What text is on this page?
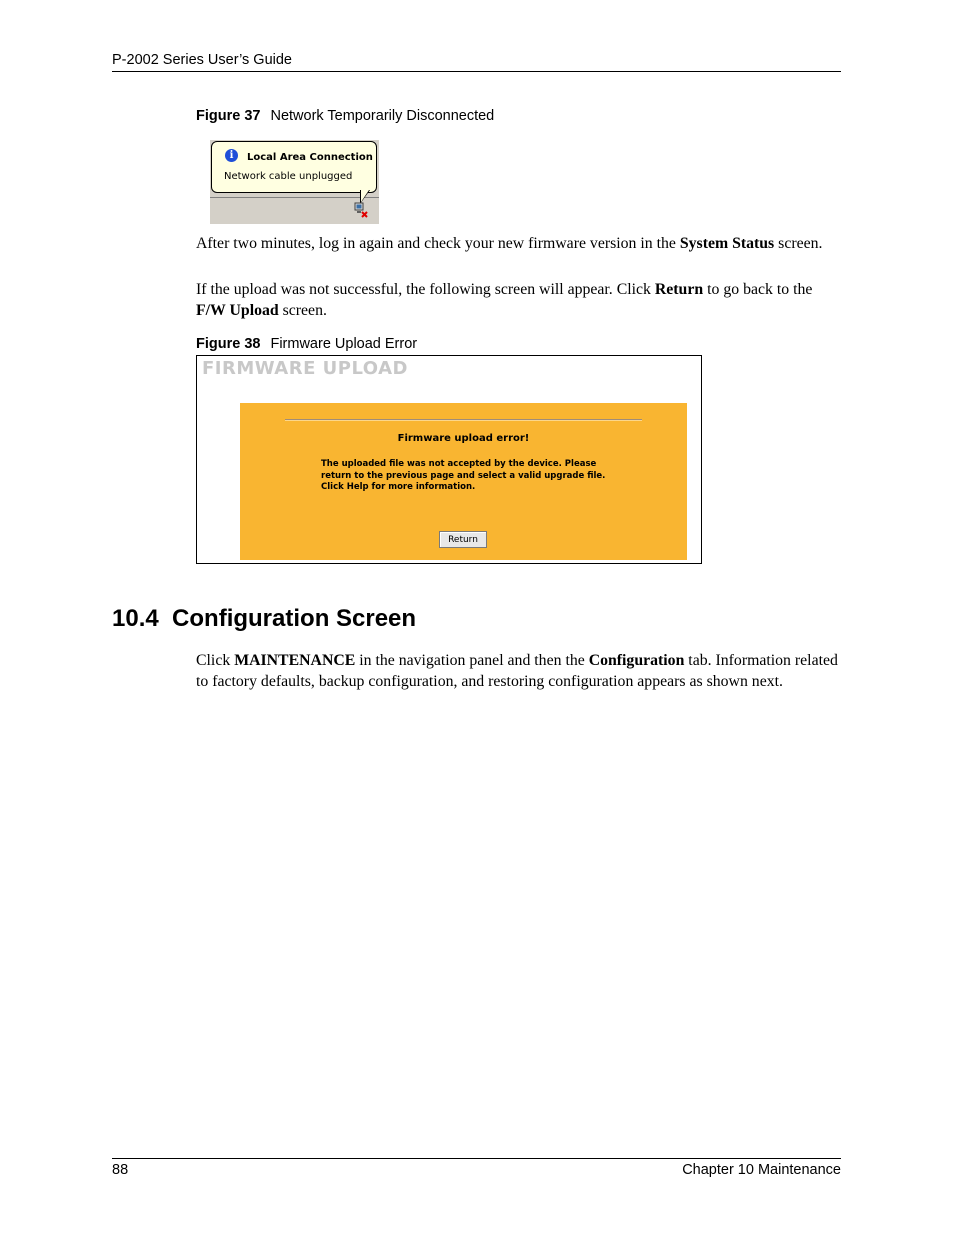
P-2002 Series User’s Guide
Figure 37 Network Temporarily Disconnected
i	Local Area Connection
Network cable unplugged
After two minutes, log in again and check your new firmware version in the System Status screen.
If the upload was not successful, the following screen will appear. Click Return to go back to the F/W Upload screen.
Figure 38 Firmware Upload Error
FIRMWARE UPLOAD
Firmware upload error!
The uploaded file was not accepted by the device. Please
return to the previous page and select a valid upgrade file.
Click Help for more information.
Return
10.4  Configuration Screen
Click MAINTENANCE in the navigation panel and then the Configuration tab. Information related to factory defaults, backup configuration, and restoring configuration appears as shown next.
88	Chapter 10 Maintenance
